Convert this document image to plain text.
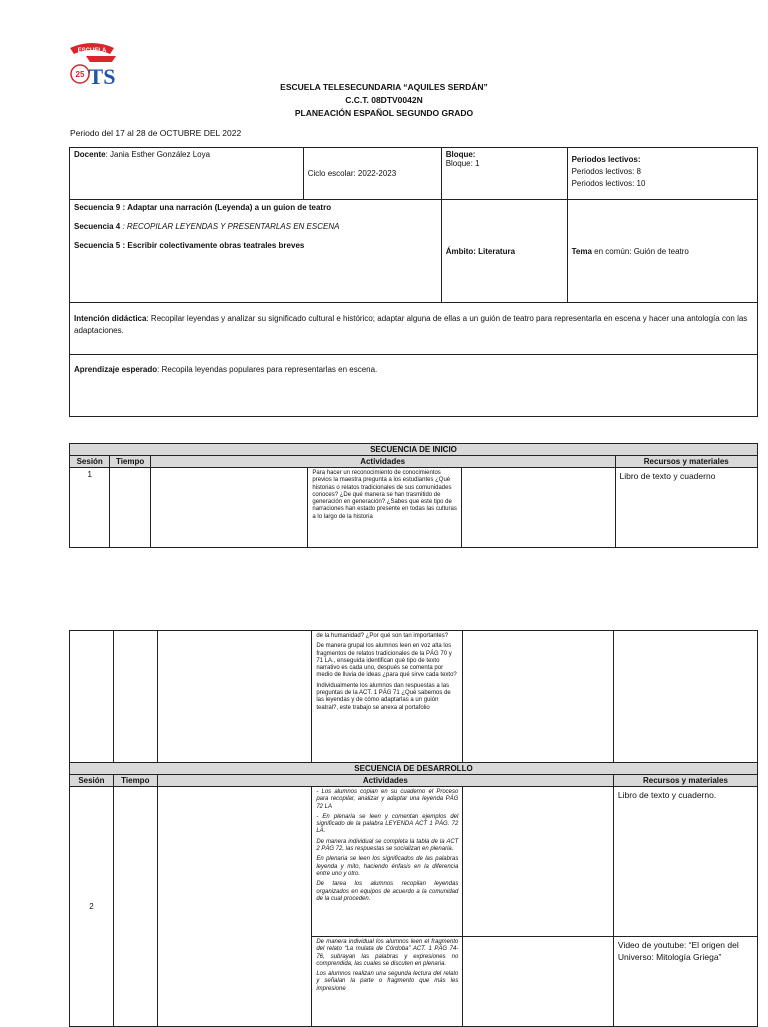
ESCUELA
25 TS	ESCUELA TELESECUNDARIA “AQUILES SERDÁN”
C.C.T. 08DTV0042N
PLANEACIÓN ESPAÑOL SEGUNDO GRADO
Periodo del 17 al 28 de OCTUBRE DEL 2022
Docente: Jania Esther González Loya	Ciclo escolar: 2022-2023	Bloque:
Bloque: 1	Periodos lectivos:
Periodos lectivos: 8
Periodos lectivos: 10

Secuencia 9 : Adaptar una narración (Leyenda) a un guion de teatro
Secuencia 4 : RECOPILAR LEYENDAS Y PRESENTARLAS EN ESCENA
Secuencia 5 : Escribir colectivamente obras teatrales breves		Ámbito: Literatura	Tema en común: Guión de teatro
Intención didáctica: Recopilar leyendas y analizar su significado cultural e histórico; adaptar alguna de ellas a un guión de teatro para representarla en escena y hacer una antología con las adaptaciones.			
Aprendizaje esperado: Recopila leyendas populares para representarlas en escena.			
SECUENCIA DE INICIO					
Sesión	Tiempo	Actividades			Recursos y materiales
1			Para hacer un reconocimiento de conocimientos previos la maestra pregunta a los estudiantes ¿Qué historias o relatos tradicionales de sus comunidades conoces? ¿De qué manera se han trasmitido de generación en generación? ¿Sabes que este tipo de narraciones han estado presente en todas las culturas a lo largo de la historia		Libro de texto y cuaderno

			de la humanidad? ¿Por qué son tan importantes?

De manera grupal los alumnos leen en voz alta los fragmentos de relatos tradicionales de la PÁG 70 y 71 LA., enseguida identifican qué tipo de texto narrativo es cada uno, después se comenta por medio de lluvia de ideas ¿para qué sirve cada texto?

Individualmente los alumnos dan respuestas a las preguntas de la ACT. 1 PÁG 71 ¿Qué sabemos de las leyendas y de cómo adaptarlas a un guión teatral?, este trabajo se anexa al portafolio		

SECUENCIA DE DESARROLLO					
Sesión	Tiempo	Actividades			Recursos y materiales
2			- Los alumnos copian en su cuaderno el Proceso para recopilar, analizar y adaptar una leyenda PÁG 72 LA

- En plenaria se leen y comentan ejemplos del significado de la palabra LEYENDA ACT 1 PÁG. 72 LA.

De manera individual se completa la tabla de la ACT 2 PÁG 72, las respuestas se socializan en plenaria.

En plenaria se leen los significados de las palabras leyenda y mito, haciendo énfasis en la diferencia entre uno y otro.

De tarea los alumnos recopilan leyendas organizados en equipos de acuerdo a la comunidad de la cual proceden.		Libro de texto y cuaderno.

			De manera individual los alumnos leen el fragmento del relato “La mulata de Córdoba” ACT. 1 PÁG 74-76, subrayan las palabras y expresiones no comprendida, las cuales se discuten en plenaria.

Los alumnos realizan una segunda lectura del relato y señalan la parte o fragmento que más les impresione		Video de youtube: “El origen del Universo: Mitología Griega”
